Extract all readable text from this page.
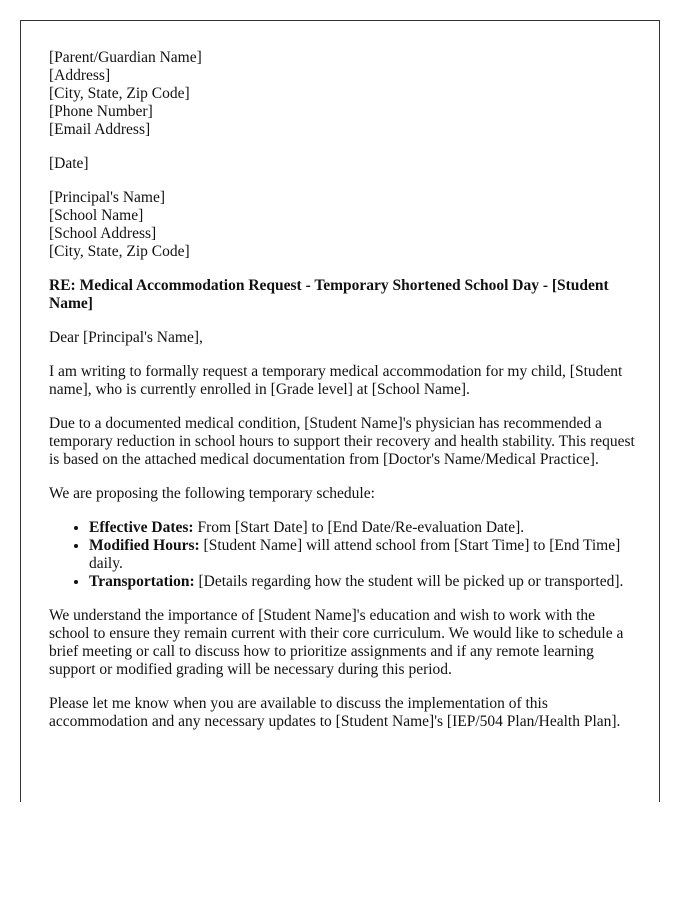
[Parent/Guardian Name]
[Address]
[City, State, Zip Code]
[Phone Number]
[Email Address]
[Date]
[Principal's Name]
[School Name]
[School Address]
[City, State, Zip Code]
RE: Medical Accommodation Request - Temporary Shortened School Day - [Student Name]

Dear [Principal's Name],

I am writing to formally request a temporary medical accommodation for my child, [Student name], who is currently enrolled in [Grade level] at [School Name].

Due to a documented medical condition, [Student Name]'s physician has recommended a temporary reduction in school hours to support their recovery and health stability. This request is based on the attached medical documentation from [Doctor's Name/Medical Practice].

We are proposing the following temporary schedule:

• Effective Dates: From [Start Date] to [End Date/Re-evaluation Date].
• Modified Hours: [Student Name] will attend school from [Start Time] to [End Time] daily.
• Transportation: [Details regarding how the student will be picked up or transported].

We understand the importance of [Student Name]'s education and wish to work with the school to ensure they remain current with their core curriculum. We would like to schedule a brief meeting or call to discuss how to prioritize assignments and if any remote learning support or modified grading will be necessary during this period.

Please let me know when you are available to discuss the implementation of this accommodation and any necessary updates to [Student Name]'s [IEP/504 Plan/Health Plan].
